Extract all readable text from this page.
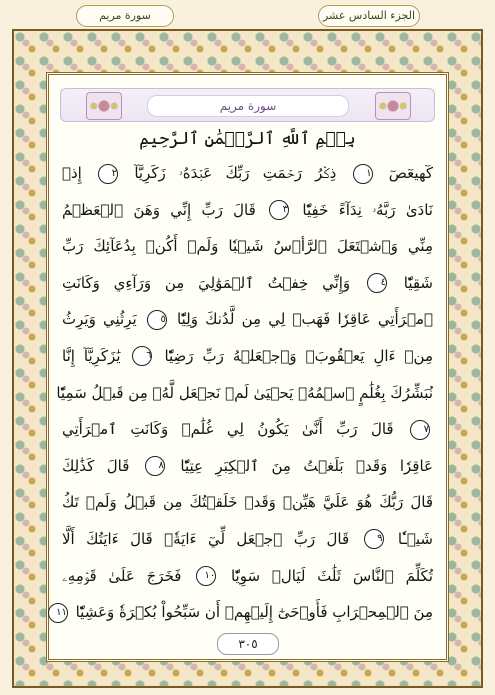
الجزء السادس عشر
سورة مريم
سورة مريم
بِسۡمِ ٱللَّهِ ٱلرَّحۡمَٰنِ ٱلرَّحِيمِ
كٓهيعٓصٓ ١ ذِكۡرُ رَحۡمَتِ رَبِّكَ عَبۡدَهُۥ زَكَرِيَّآ ٢ إِذۡ
نَادَىٰ رَبَّهُۥ نِدَآءً خَفِيّٗا ٣ قَالَ رَبِّ إِنِّي وَهَنَ ٱلۡعَظۡمُ
مِنِّي وَٱشۡتَعَلَ ٱلرَّأۡسُ شَيۡبٗا وَلَمۡ أَكُنۢ بِدُعَآئِكَ رَبِّ
شَقِيّٗا ٤ وَإِنِّي خِفۡتُ ٱلۡمَوَٰلِيَ مِن وَرَآءِي وَكَانَتِ
ٱمۡرَأَتِي عَاقِرٗا فَهَبۡ لِي مِن لَّدُنكَ وَلِيّٗا ٥ يَرِثُنِي وَيَرِثُ
مِنۡ ءَالِ يَعۡقُوبَۖ وَٱجۡعَلۡهُ رَبِّ رَضِيّٗا ٦ يَٰزَكَرِيَّآ إِنَّا
نُبَشِّرُكَ بِغُلَٰمٍ ٱسۡمُهُۥ يَحۡيَىٰ لَمۡ نَجۡعَل لَّهُۥ مِن قَبۡلُ سَمِيّٗا
٧ قَالَ رَبِّ أَنَّىٰ يَكُونُ لِي غُلَٰمٞ وَكَانَتِ ٱمۡرَأَتِي
عَاقِرٗا وَقَدۡ بَلَغۡتُ مِنَ ٱلۡكِبَرِ عِتِيّٗا ٨ قَالَ كَذَٰلِكَ
قَالَ رَبُّكَ هُوَ عَلَيَّ هَيِّنٞ وَقَدۡ خَلَقۡتُكَ مِن قَبۡلُ وَلَمۡ تَكُ
شَيۡـٔٗا ٩ قَالَ رَبِّ ٱجۡعَل لِّيٓ ءَايَةٗۖ قَالَ ءَايَتُكَ أَلَّا
تُكَلِّمَ ٱلنَّاسَ ثَلَٰثَ لَيَالٖ سَوِيّٗا ١٠ فَخَرَجَ عَلَىٰ قَوۡمِهِۦ
مِنَ ٱلۡمِحۡرَابِ فَأَوۡحَىٰٓ إِلَيۡهِمۡ أَن سَبِّحُواْ بُكۡرَةٗ وَعَشِيّٗا ١١
٣٠٥
